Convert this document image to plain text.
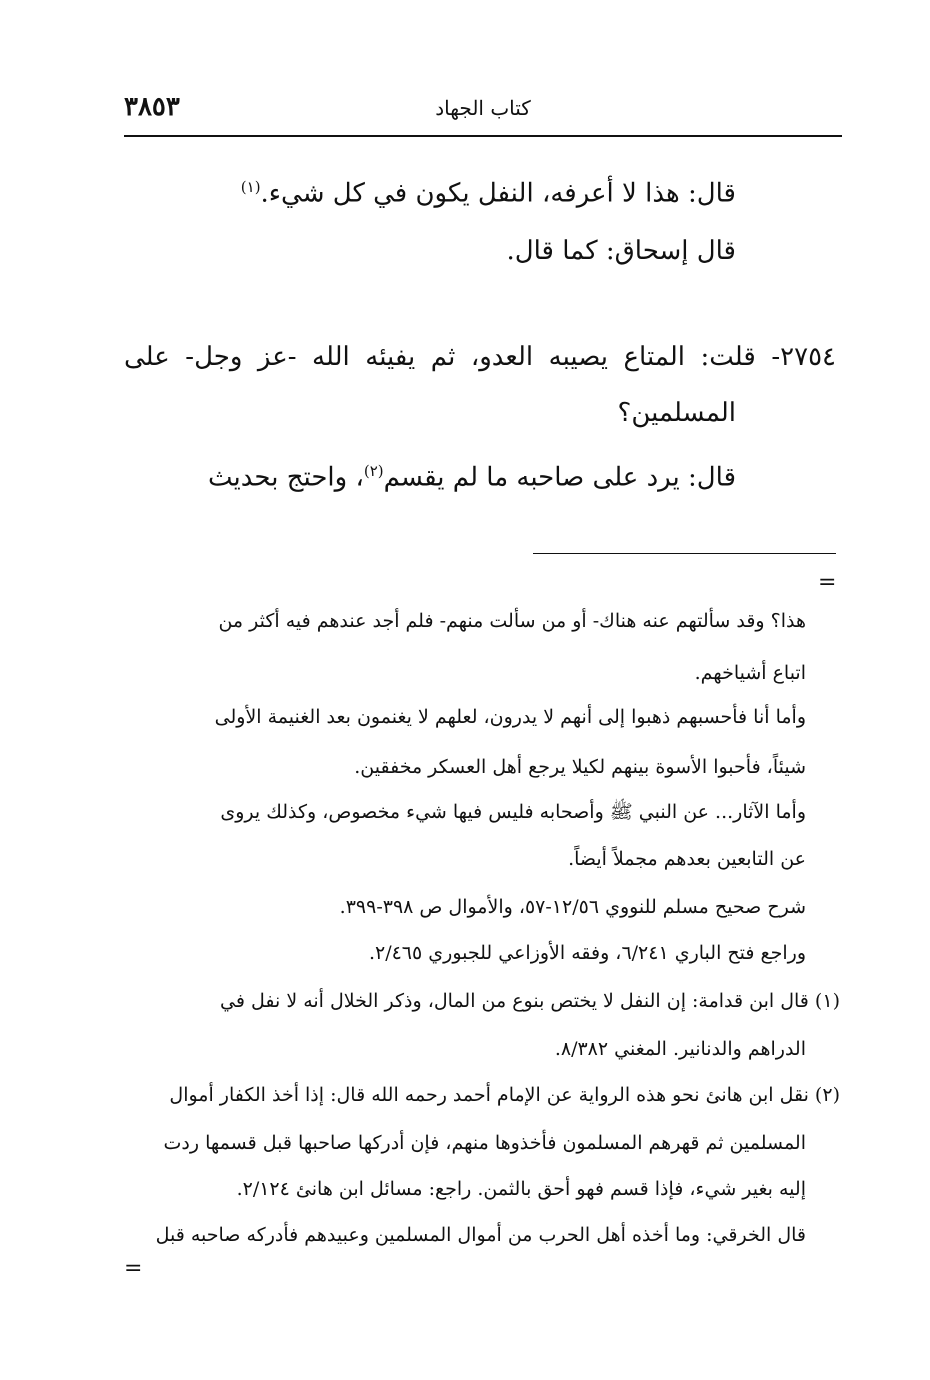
كتاب الجهاد
٣٨٥٣
قال: هذا لا أعرفه، النفل يكون في كل شيء.$^{(١)}$
قال إسحاق: كما قال.
٢٧٥٤- قلت: المتاع يصيبه العدو، ثم يفيئه الله -عز وجل- على
المسلمين؟
قال: يرد على صاحبه ما لم يقسم$^{(٢)}$، واحتج بحديث
=
هذا؟ وقد سألتهم عنه هناك- أو من سألت منهم- فلم أجد عندهم فيه أكثر من
اتباع أشياخهم.
وأما أنا فأحسبهم ذهبوا إلى أنهم لا يدرون، لعلهم لا يغنمون بعد الغنيمة الأولى
شيئاً، فأحبوا الأسوة بينهم لكيلا يرجع أهل العسكر مخفقين.
وأما الآثار... عن النبي ﷺ وأصحابه فليس فيها شيء مخصوص، وكذلك يروى
عن التابعين بعدهم مجملاً أيضاً.
شرح صحيح مسلم للنووي ١٢/٥٦-٥٧، والأموال ص ٣٩٨-٣٩٩.
وراجع فتح الباري ٦/٢٤١، وفقه الأوزاعي للجبوري ٢/٤٦٥.
(١) قال ابن قدامة: إن النفل لا يختص بنوع من المال، وذكر الخلال أنه لا نفل في
الدراهم والدنانير. المغني ٨/٣٨٢.
(٢) نقل ابن هانئ نحو هذه الرواية عن الإمام أحمد رحمه الله قال: إذا أخذ الكفار أموال
المسلمين ثم قهرهم المسلمون فأخذوها منهم، فإن أدركها صاحبها قبل قسمها ردت
إليه بغير شيء، فإذا قسم فهو أحق بالثمن. راجع: مسائل ابن هانئ ٢/١٢٤.
قال الخرقي: وما أخذه أهل الحرب من أموال المسلمين وعبيدهم فأدركه صاحبه قبل
=
